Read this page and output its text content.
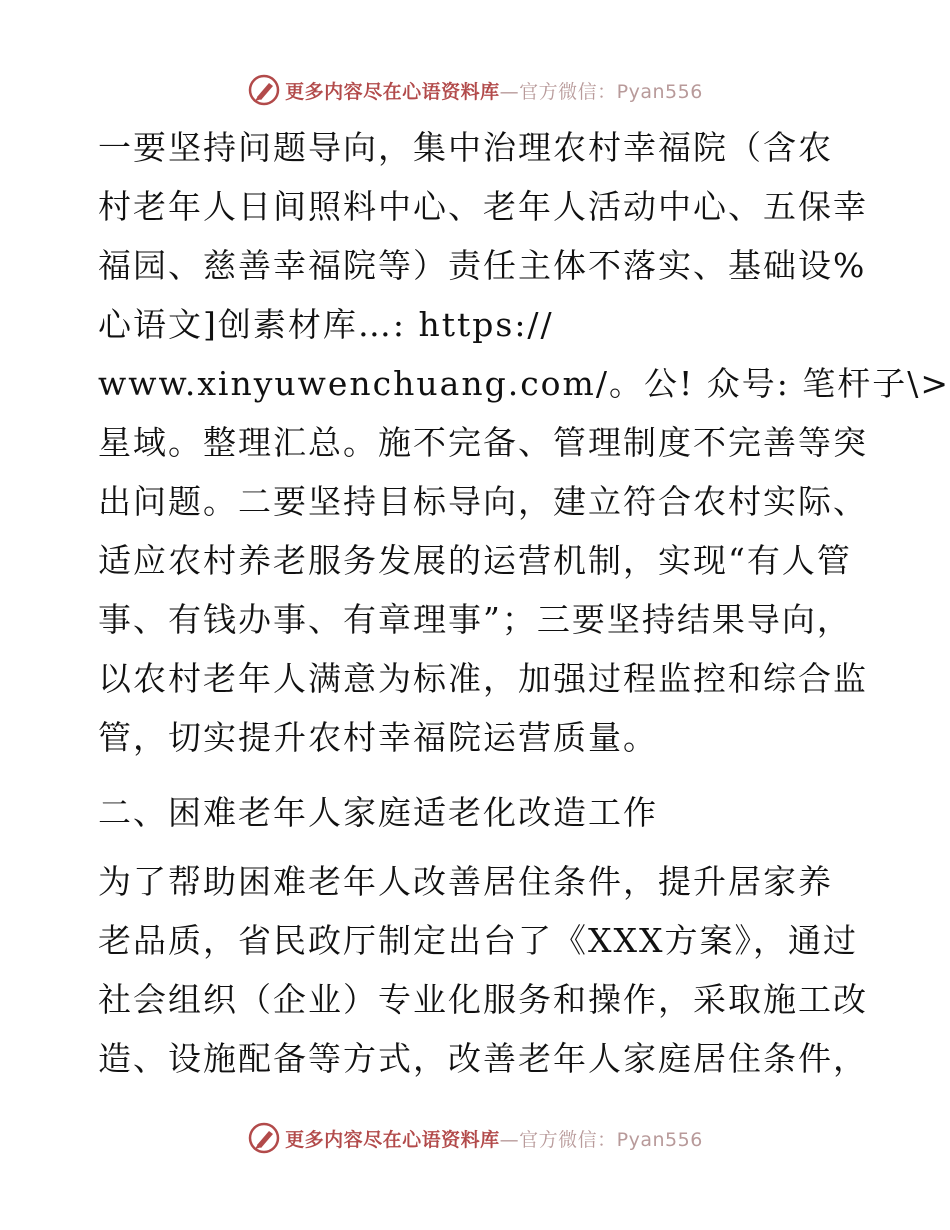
更多内容尽在心语资料库—官方微信：Pyan556
一要坚持问题导向，集中治理农村幸福院（含农
村老年人日间照料中心、老年人活动中心、五保幸
福园、慈善幸福院等）责任主体不落实、基础设%
心语文]创素材库…: https://
www.xinyuwenchuang.com/。公! 众号: 笔杆子\>
星域。整理汇总。施不完备、管理制度不完善等突
出问题。二要坚持目标导向，建立符合农村实际、
适应农村养老服务发展的运营机制，实现“有人管
事、有钱办事、有章理事”；三要坚持结果导向，
以农村老年人满意为标准，加强过程监控和综合监
管，切实提升农村幸福院运营质量。
二、困难老年人家庭适老化改造工作
为了帮助困难老年人改善居住条件，提升居家养
老品质，省民政厅制定出台了《XXX方案》，通过
社会组织（企业）专业化服务和操作，采取施工改
造、设施配备等方式，改善老年人家庭居住条件，
更多内容尽在心语资料库—官方微信：Pyan556
